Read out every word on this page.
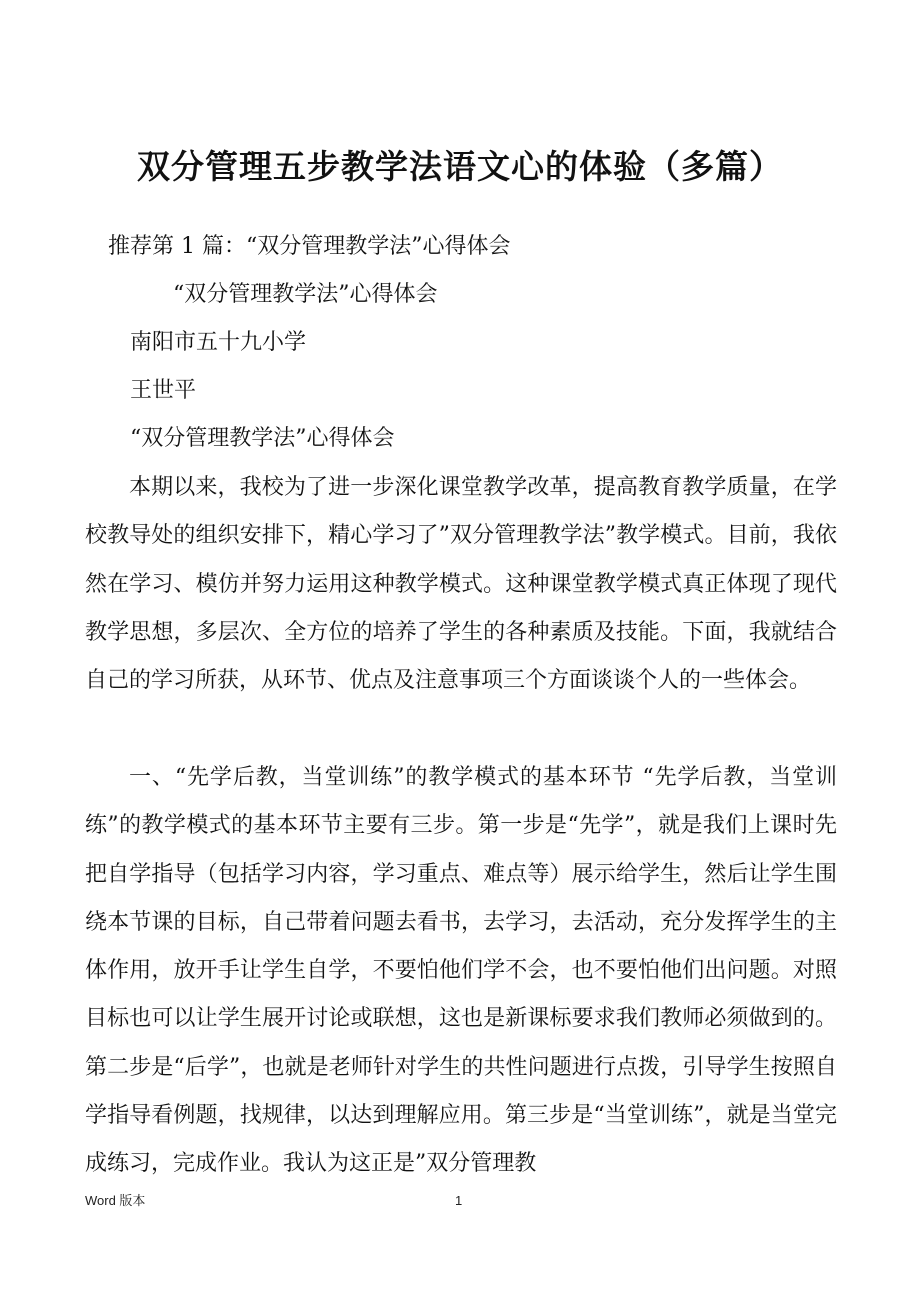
双分管理五步教学法语文心的体验（多篇）
推荐第 1 篇：“双分管理教学法”心得体会
“双分管理教学法”心得体会
南阳市五十九小学
王世平
“双分管理教学法”心得体会

本期以来，我校为了进一步深化课堂教学改革，提高教育教学质量，在学校教导处的组织安排下，精心学习了”双分管理教学法”教学模式。目前，我依然在学习、模仿并努力运用这种教学模式。这种课堂教学模式真正体现了现代教学思想，多层次、全方位的培养了学生的各种素质及技能。下面，我就结合自己的学习所获，从环节、优点及注意事项三个方面谈谈个人的一些体会。

一、“先学后教，当堂训练”的教学模式的基本环节 “先学后教，当堂训练”的教学模式的基本环节主要有三步。第一步是“先学”，就是我们上课时先把自学指导（包括学习内容，学习重点、难点等）展示给学生，然后让学生围绕本节课的目标，自己带着问题去看书，去学习，去活动，充分发挥学生的主体作用，放开手让学生自学，不要怕他们学不会，也不要怕他们出问题。对照目标也可以让学生展开讨论或联想，这也是新课标要求我们教师必须做到的。第二步是“后学”，也就是老师针对学生的共性问题进行点拨，引导学生按照自学指导看例题，找规律，以达到理解应用。第三步是“当堂训练”，就是当堂完成练习，完成作业。我认为这正是”双分管理教

Word 版本	1
